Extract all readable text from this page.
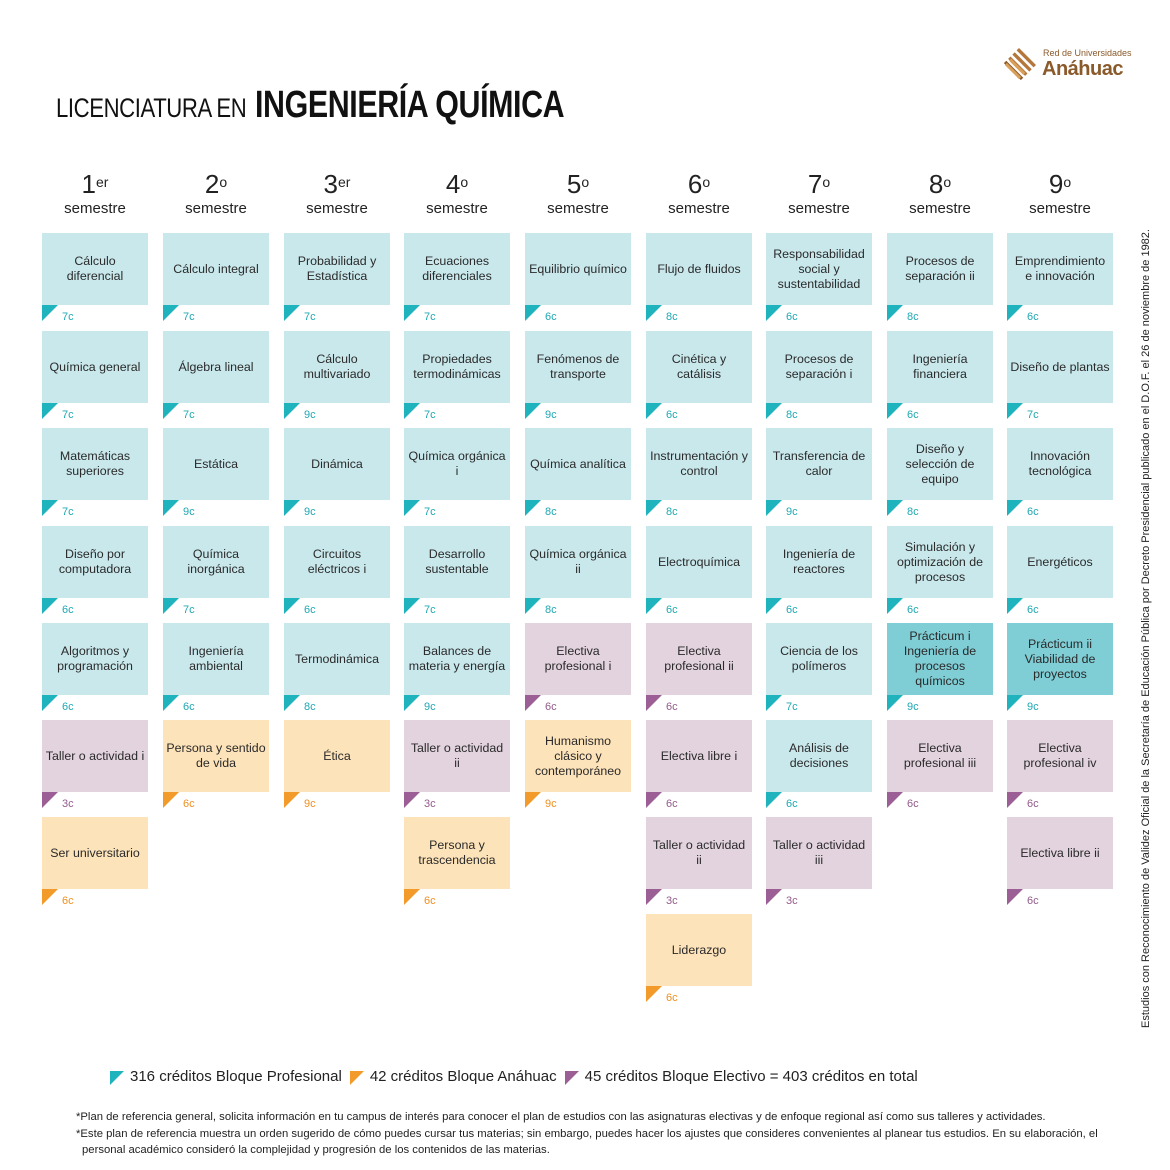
LICENCIATURA EN INGENIERÍA QUÍMICA
Red de Universidades
Anáhuac
1er
semestre
2$^o$
semestre
3er
semestre
4$^o$
semestre
5$^o$
semestre
6$^o$
semestre
7$^o$
semestre
8$^o$
semestre
9$^o$
semestre
Cálculo diferencial
7c
Química general
7c
Matemáticas superiores
7c
Diseño por computadora
6c
Algoritmos y programación
6c
Taller o actividad i
3c
Ser universitario
6c
Cálculo integral
7c
Álgebra lineal
7c
Estática
9c
Química inorgánica
7c
Ingeniería ambiental
6c
Persona y sentido de vida
6c
Probabilidad y Estadística
7c
Cálculo multivariado
9c
Dinámica
9c
Circuitos eléctricos i
6c
Termodinámica
8c
Ética
9c
Ecuaciones diferenciales
7c
Propiedades termodinámicas
7c
Química orgánica i
7c
Desarrollo sustentable
7c
Balances de materia y energía
9c
Taller o actividad ii
3c
Persona y trascendencia
6c
Equilibrio químico
6c
Fenómenos de transporte
9c
Química analítica
8c
Química orgánica ii
8c
Electiva profesional i
6c
Humanismo clásico y contemporáneo
9c
Flujo de fluidos
8c
Cinética y catálisis
6c
Instrumentación y control
8c
Electroquímica
6c
Electiva profesional ii
6c
Electiva libre i
6c
Taller o actividad ii
3c
Liderazgo
6c
Responsabilidad social y sustentabilidad
6c
Procesos de separación i
8c
Transferencia de calor
9c
Ingeniería de reactores
6c
Ciencia de los polímeros
7c
Análisis de decisiones
6c
Taller o actividad iii
3c
Procesos de separación ii
8c
Ingeniería financiera
6c
Diseño y selección de equipo
8c
Simulación y optimización de procesos
6c
Prácticum i Ingeniería de procesos químicos
9c
Electiva profesional iii
6c
Emprendimiento e innovación
6c
Diseño de plantas
7c
Innovación tecnológica
6c
Energéticos
6c
Prácticum ii Viabilidad de proyectos
9c
Electiva profesional iv
6c
Electiva libre ii
6c
316 créditos Bloque Profesional 42 créditos Bloque Anáhuac 45 créditos Bloque Electivo = 403 créditos en total

*Plan de referencia general, solicita información en tu campus de interés para conocer el plan de estudios con las asignaturas electivas y de enfoque regional así como sus talleres y actividades.

*Este plan de referencia muestra un orden sugerido de cómo puedes cursar tus materias; sin embargo, puedes hacer los ajustes que consideres convenientes al planear tus estudios. En su elaboración, el

personal académico consideró la complejidad y progresión de los contenidos de las materias.

Estudios con Reconocimiento de Validez Oficial de la Secretaría de Educación Pública por Decreto Presidencial publicado en el D.O.F. el 26 de noviembre de 1982.
